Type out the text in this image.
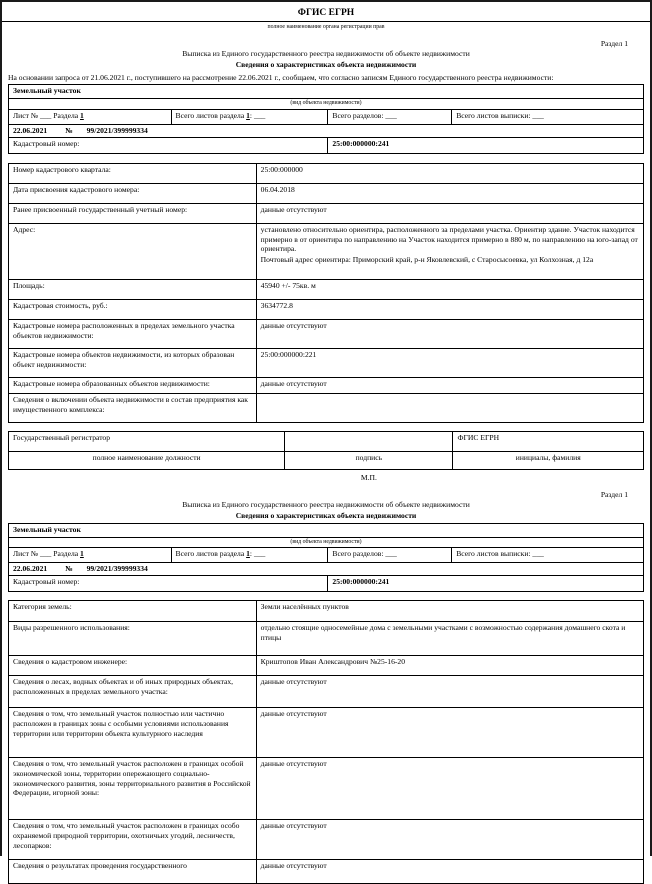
ФГИС ЕГРН
полное наименование органа регистрации прав
Раздел 1
Выписка из Единого государственного реестра недвижимости об объекте недвижимости
Сведения о характеристиках объекта недвижимости
На основании запроса от 21.06.2021 г., поступившего на рассмотрение 22.06.2021 г., сообщаем, что согласно записям Единого государственного реестра недвижимости:
Земельный участок			
(вид объекта недвижимости)			
Лист № ___ Раздела 1	Всего листов раздела 1: ___	Всего разделов: ___	Всего листов выписки: ___
22.06.2021 № 99/2021/399999334			
Кадастровый номер:		25:00:000000:241	
Номер кадастрового квартала:	25:00:000000
Дата присвоения кадастрового номера:	06.04.2018
Ранее присвоенный государственный учетный номер:	данные отсутствуют
Адрес:	установлено относительно ориентира, расположенного за пределами участка. Ориентир здание. Участок находится примерно в от ориентира по направлению на Участок находится примерно в 880 м, по направлению на юго-запад от ориентира.
Почтовый адрес ориентира: Приморский край, р-н Яковлевский, с Старосысоевка, ул Колхозная, д 12а

Площадь:	45940 +/- 75кв. м
Кадастровая стоимость, руб.:	3634772.8
Кадастровые номера расположенных в пределах земельного участка объектов недвижимости:	данные отсутствуют
Кадастровые номера объектов недвижимости, из которых образован объект недвижимости:	25:00:000000:221
Кадастровые номера образованных объектов недвижимости:	данные отсутствуют
Сведения о включении объекта недвижимости в состав предприятия как имущественного комплекса:	
Государственный регистратор		ФГИС ЕГРН
полное наименование должности	подпись	инициалы, фамилия
М.П.
Раздел 1
Выписка из Единого государственного реестра недвижимости об объекте недвижимости
Сведения о характеристиках объекта недвижимости
Земельный участок			
(вид объекта недвижимости)			
Лист № ___ Раздела 1	Всего листов раздела 1: ___	Всего разделов: ___	Всего листов выписки: ___
22.06.2021 № 99/2021/399999334			
Кадастровый номер:		25:00:000000:241	
Категория земель:	Земли населённых пунктов
Виды разрешенного использования:	отдельно стоящие односемейные дома с земельными участками с возможностью содержания домашнего скота и птицы
Сведения о кадастровом инженере:	Криштопов Иван Александрович №25-16-20
Сведения о лесах, водных объектах и об иных природных объектах, расположенных в пределах земельного участка:	данные отсутствуют
Сведения о том, что земельный участок полностью или частично расположен в границах зоны с особыми условиями использования территории или территории объекта культурного наследия	данные отсутствуют
Сведения о том, что земельный участок расположен в границах особой экономической зоны, территории опережающего социально-экономического развития, зоны территориального развития в Российской Федерации, игорной зоны:	данные отсутствуют
Сведения о том, что земельный участок расположен в границах особо охраняемой природной территории, охотничьих угодий, лесничеств, лесопарков:	данные отсутствуют
Сведения о результатах проведения государственного	данные отсутствуют
